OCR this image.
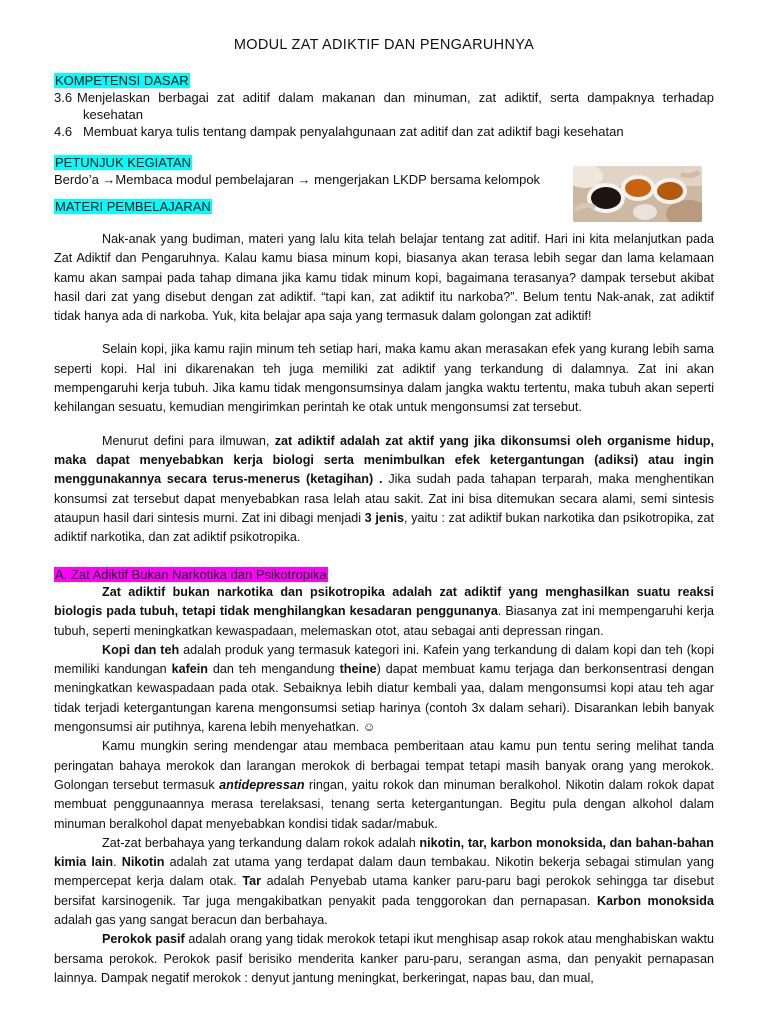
MODUL ZAT ADIKTIF DAN PENGARUHNYA
KOMPETENSI DASAR
3.6 Menjelaskan berbagai zat aditif dalam makanan dan minuman, zat adiktif, serta dampaknya terhadap
kesehatan
4.6 Membuat karya tulis tentang dampak penyalahgunaan zat aditif dan zat adiktif bagi kesehatan
PETUNJUK KEGIATAN
Berdo’a →Membaca modul pembelajaran → mengerjakan LKDP bersama kelompok
MATERI PEMBELAJARAN

Nak-anak yang budiman, materi yang lalu kita telah belajar tentang zat aditif. Hari ini kita melanjutkan pada Zat Adiktif dan Pengaruhnya. Kalau kamu biasa minum kopi, biasanya akan terasa lebih segar dan lama kelamaan kamu akan sampai pada tahap dimana jika kamu tidak minum kopi, bagaimana terasanya? dampak tersebut akibat hasil dari zat yang disebut dengan zat adiktif. “tapi kan, zat adiktif itu narkoba?”. Belum tentu Nak-anak, zat adiktif tidak hanya ada di narkoba. Yuk, kita belajar apa saja yang termasuk dalam golongan zat adiktif!

Selain kopi, jika kamu rajin minum teh setiap hari, maka kamu akan merasakan efek yang kurang lebih sama seperti kopi. Hal ini dikarenakan teh juga memiliki zat adiktif yang terkandung di dalamnya. Zat ini akan mempengaruhi kerja tubuh. Jika kamu tidak mengonsumsinya dalam jangka waktu tertentu, maka tubuh akan seperti kehilangan sesuatu, kemudian mengirimkan perintah ke otak untuk mengonsumsi zat tersebut.

Menurut defini para ilmuwan, zat adiktif adalah zat aktif yang jika dikonsumsi oleh organisme hidup, maka dapat menyebabkan kerja biologi serta menimbulkan efek ketergantungan (adiksi) atau ingin menggunakannya secara terus-menerus (ketagihan) . Jika sudah pada tahapan terparah, maka menghentikan konsumsi zat tersebut dapat menyebabkan rasa lelah atau sakit. Zat ini bisa ditemukan secara alami, semi sintesis ataupun hasil dari sintesis murni. Zat ini dibagi menjadi 3 jenis, yaitu : zat adiktif bukan narkotika dan psikotropika, zat adiktif narkotika, dan zat adiktif psikotropika.

A. Zat Adiktif Bukan Narkotika dan Psikotropika

Zat adiktif bukan narkotika dan psikotropika adalah zat adiktif yang menghasilkan suatu reaksi biologis pada tubuh, tetapi tidak menghilangkan kesadaran penggunanya. Biasanya zat ini mempengaruhi kerja tubuh, seperti meningkatkan kewaspadaan, melemaskan otot, atau sebagai anti depressan ringan.

Kopi dan teh adalah produk yang termasuk kategori ini. Kafein yang terkandung di dalam kopi dan teh (kopi memiliki kandungan kafein dan teh mengandung theine) dapat membuat kamu terjaga dan berkonsentrasi dengan meningkatkan kewaspadaan pada otak. Sebaiknya lebih diatur kembali yaa, dalam mengonsumsi kopi atau teh agar tidak terjadi ketergantungan karena mengonsumsi setiap harinya (contoh 3x dalam sehari). Disarankan lebih banyak mengonsumsi air putihnya, karena lebih menyehatkan. ☺

Kamu mungkin sering mendengar atau membaca pemberitaan atau kamu pun tentu sering melihat tanda peringatan bahaya merokok dan larangan merokok di berbagai tempat tetapi masih banyak orang yang merokok. Golongan tersebut termasuk antidepressan ringan, yaitu rokok dan minuman beralkohol. Nikotin dalam rokok dapat membuat penggunaannya merasa terelaksasi, tenang serta ketergantungan. Begitu pula dengan alkohol dalam minuman beralkohol dapat menyebabkan kondisi tidak sadar/mabuk.

Zat-zat berbahaya yang terkandung dalam rokok adalah nikotin, tar, karbon monoksida, dan bahan-bahan kimia lain. Nikotin adalah zat utama yang terdapat dalam daun tembakau. Nikotin bekerja sebagai stimulan yang mempercepat kerja dalam otak. Tar adalah Penyebab utama kanker paru-paru bagi perokok sehingga tar disebut bersifat karsinogenik. Tar juga mengakibatkan penyakit pada tenggorokan dan pernapasan. Karbon monoksida adalah gas yang sangat beracun dan berbahaya.

Perokok pasif adalah orang yang tidak merokok tetapi ikut menghisap asap rokok atau menghabiskan waktu bersama perokok. Perokok pasif berisiko menderita kanker paru-paru, serangan asma, dan penyakit pernapasan lainnya. Dampak negatif merokok : denyut jantung meningkat, berkeringat, napas bau, dan mual,
